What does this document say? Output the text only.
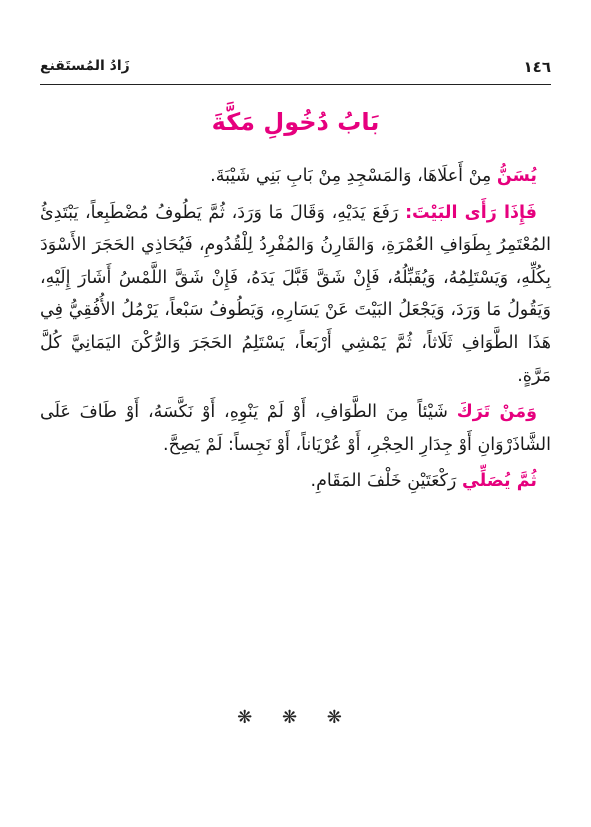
١٤٦
زَادُ المُستَقنع
بَابُ دُخُولِ مَكَّةَ

يُسَنُّ مِنْ أَعلَاهَا، وَالمَسْجِدِ مِنْ بَابِ بَنِي شَيْبَةَ.

فَإِذَا رَأَى البَيْتَ: رَفَعَ يَدَيْهِ، وَقَالَ مَا وَرَدَ، ثُمَّ يَطُوفُ مُضْطَبِعاً، يَبْتَدِئُ المُعْتَمِرُ بِطَوَافِ العُمْرَةِ، وَالقَارِنُ وَالمُفْرِدُ لِلْقُدُومِ، فَيُحَاذِي الحَجَرَ الأَسْوَدَ بِكُلِّهِ، وَيَسْتَلِمُهُ، وَيُقَبِّلُهُ، فَإِنْ شَقَّ قَبَّلَ يَدَهُ، فَإِنْ شَقَّ اللَّمْسُ أَشَارَ إِلَيْهِ، وَيَقُولُ مَا وَرَدَ، وَيَجْعَلُ البَيْتَ عَنْ يَسَارِهِ، وَيَطُوفُ سَبْعاً، يَرْمُلُ الأُفُقِيُّ فِي هَذَا الطَّوَافِ ثَلَاثاً، ثُمَّ يَمْشِي أَرْبَعاً، يَسْتَلِمُ الحَجَرَ وَالرُّكْنَ اليَمَانِيَّ كُلَّ مَرَّةٍ.

وَمَنْ تَرَكَ شَيْئاً مِنَ الطَّوَافِ، أَوْ لَمْ يَنْوِهِ، أَوْ نَكَّسَهُ، أَوْ طَافَ عَلَى الشَّاذَرْوَانِ أَوْ جِدَارِ الحِجْرِ، أَوْ عُرْيَاناً، أَوْ نَجِساً: لَمْ يَصِحَّ.

ثُمَّ يُصَلِّي رَكْعَتَيْنِ خَلْفَ المَقَامِ.

❋ ❋ ❋
